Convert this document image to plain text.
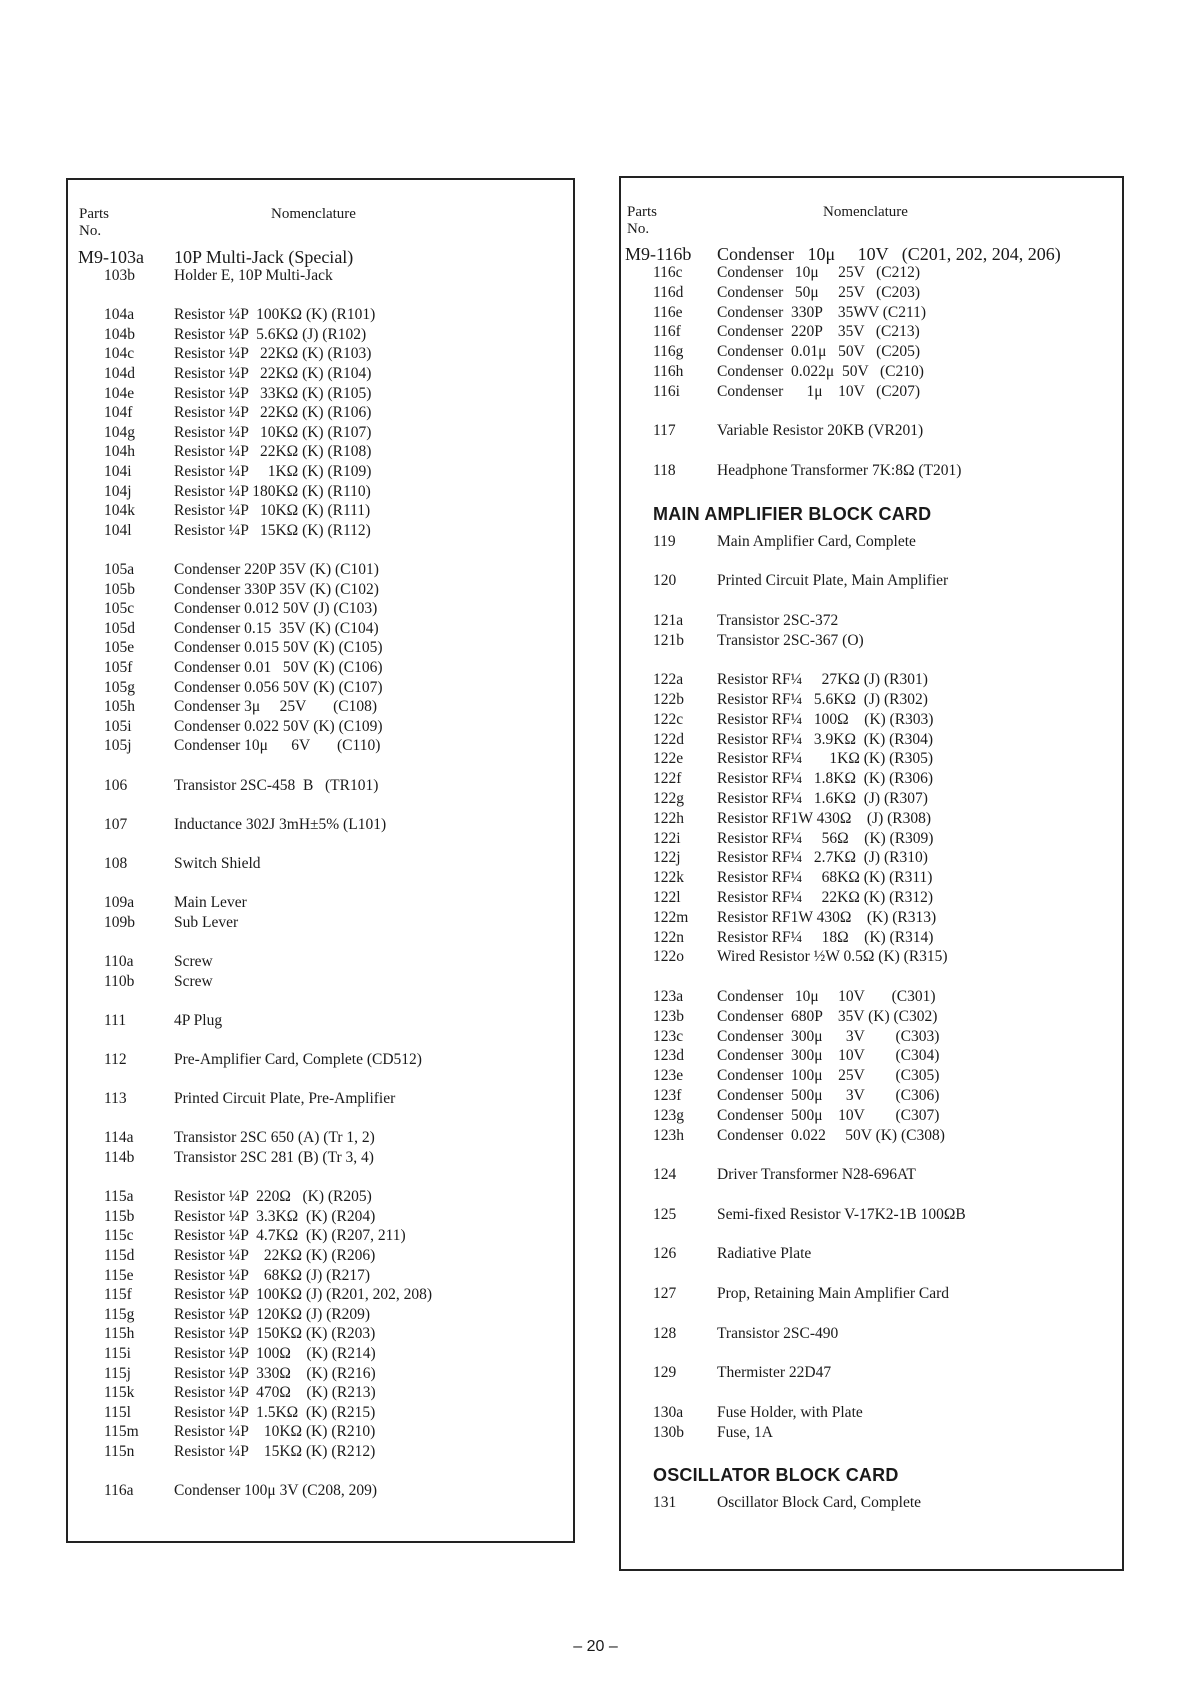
Parts No.
Nomenclature
M9-103a 10P Multi-Jack (Special)
103b	Holder E, 10P Multi-Jack
104a	Resistor ¼P  100KΩ (K) (R101)
104b	Resistor ¼P  5.6KΩ (J) (R102)
104c	Resistor ¼P   22KΩ (K) (R103)
104d	Resistor ¼P   22KΩ (K) (R104)
104e	Resistor ¼P   33KΩ (K) (R105)
104f	Resistor ¼P   22KΩ (K) (R106)
104g	Resistor ¼P   10KΩ (K) (R107)
104h	Resistor ¼P   22KΩ (K) (R108)
104i	Resistor ¼P     1KΩ (K) (R109)
104j	Resistor ¼P 180KΩ (K) (R110)
104k	Resistor ¼P   10KΩ (K) (R111)
104l	Resistor ¼P   15KΩ (K) (R112)
105a	Condenser 220P 35V (K) (C101)
105b	Condenser 330P 35V (K) (C102)
105c	Condenser 0.012 50V (J) (C103)
105d	Condenser 0.15  35V (K) (C104)
105e	Condenser 0.015 50V (K) (C105)
105f	Condenser 0.01   50V (K) (C106)
105g	Condenser 0.056 50V (K) (C107)
105h	Condenser 3μ     25V       (C108)
105i	Condenser 0.022 50V (K) (C109)
105j	Condenser 10μ      6V       (C110)
106	Transistor 2SC-458  B   (TR101)
107	Inductance 302J 3mH±5% (L101)
108	Switch Shield
109a	Main Lever
109b	Sub Lever
110a	Screw
110b	Screw
111	4P Plug
112	Pre-Amplifier Card, Complete (CD512)
113	Printed Circuit Plate, Pre-Amplifier
114a	Transistor 2SC 650 (A) (Tr 1, 2)
114b	Transistor 2SC 281 (B) (Tr 3, 4)
115a	Resistor ¼P  220Ω   (K) (R205)
115b	Resistor ¼P  3.3KΩ  (K) (R204)
115c	Resistor ¼P  4.7KΩ  (K) (R207, 211)
115d	Resistor ¼P    22KΩ (K) (R206)
115e	Resistor ¼P    68KΩ (J) (R217)
115f	Resistor ¼P  100KΩ (J) (R201, 202, 208)
115g	Resistor ¼P  120KΩ (J) (R209)
115h	Resistor ¼P  150KΩ (K) (R203)
115i	Resistor ¼P  100Ω    (K) (R214)
115j	Resistor ¼P  330Ω    (K) (R216)
115k	Resistor ¼P  470Ω    (K) (R213)
115l	Resistor ¼P  1.5KΩ  (K) (R215)
115m Resistor ¼P    10KΩ (K) (R210)
115n	Resistor ¼P    15KΩ (K) (R212)
116a	Condenser 100μ 3V (C208, 209)
Parts No.
Nomenclature
M9-116b Condenser   10μ     10V   (C201, 202, 204, 206)
116c Condenser   10μ     25V   (C212)
116d Condenser   50μ     25V   (C203)
116e Condenser  330P    35WV (C211)
116f Condenser  220P    35V   (C213)
116g Condenser  0.01μ   50V   (C205)
116h Condenser  0.022μ  50V   (C210)
116i Condenser      1μ    10V   (C207)
117	Variable Resistor 20KB (VR201)
118	Headphone Transformer 7K:8Ω (T201)
MAIN AMPLIFIER BLOCK CARD
119	Main Amplifier Card, Complete
120	Printed Circuit Plate, Main Amplifier
121a Transistor 2SC-372
121b Transistor 2SC-367 (O)
122a Resistor RF¼     27KΩ (J) (R301)
122b Resistor RF¼   5.6KΩ  (J) (R302)
122c Resistor RF¼   100Ω    (K) (R303)
122d Resistor RF¼   3.9KΩ  (K) (R304)
122e Resistor RF¼       1KΩ (K) (R305)
122f Resistor RF¼   1.8KΩ  (K) (R306)
122g Resistor RF¼   1.6KΩ  (J) (R307)
122h Resistor RF1W 430Ω    (J) (R308)
122i Resistor RF¼     56Ω    (K) (R309)
122j Resistor RF¼   2.7KΩ  (J) (R310)
122k Resistor RF¼     68KΩ (K) (R311)
122l Resistor RF¼     22KΩ (K) (R312)
122m Resistor RF1W 430Ω    (K) (R313)
122n Resistor RF¼     18Ω    (K) (R314)
122o Wired Resistor ½W 0.5Ω (K) (R315)
123a Condenser   10μ     10V       (C301)
123b Condenser  680P    35V (K) (C302)
123c Condenser  300μ      3V        (C303)
123d Condenser  300μ    10V        (C304)
123e Condenser  100μ    25V        (C305)
123f Condenser  500μ      3V        (C306)
123g Condenser  500μ    10V        (C307)
123h Condenser  0.022     50V (K) (C308)
124	Driver Transformer N28-696AT
125	Semi-fixed Resistor V-17K2-1B 100ΩB
126	Radiative Plate
127	Prop, Retaining Main Amplifier Card
128	Transistor 2SC-490
129	Thermister 22D47
130a Fuse Holder, with Plate
130b Fuse, 1A
OSCILLATOR BLOCK CARD
131	Oscillator Block Card, Complete
– 20 –
